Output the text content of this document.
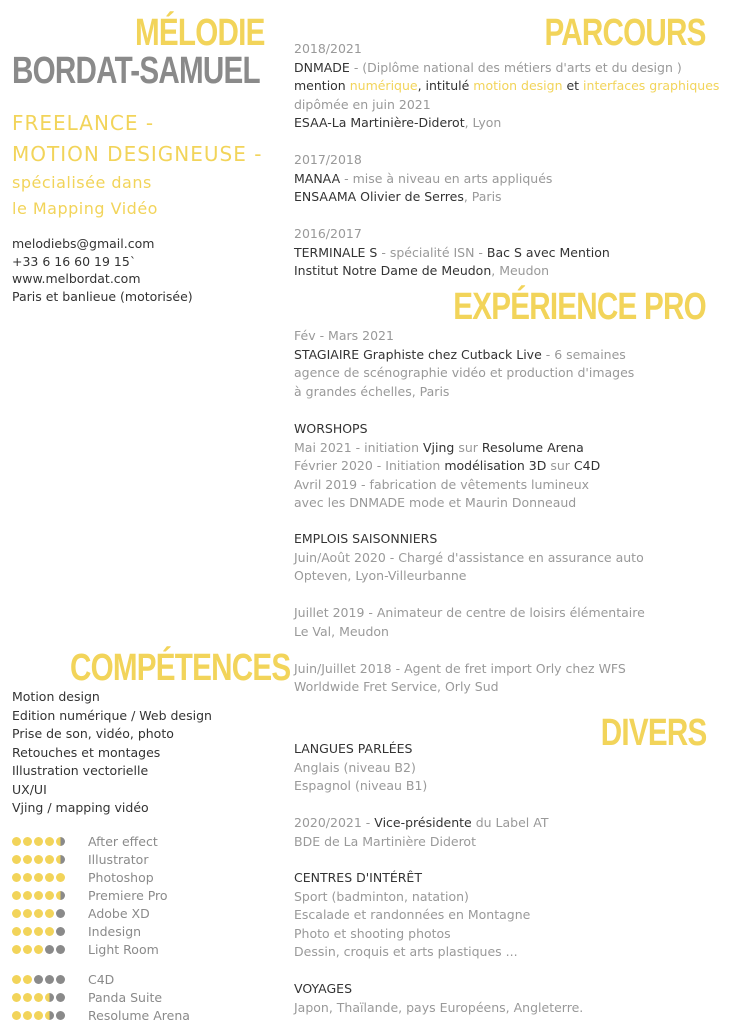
MÉLODIE
BORDAT-SAMUEL
FREELANCE -
MOTION DESIGNEUSE -
spécialisée dans
le Mapping Vidéo
melodiebs@gmail.com
+33 6 16 60 19 15`
www.melbordat.com
Paris et banlieue (motorisée)
PARCOURS
2018/2021
DNMADE - (Diplôme national des métiers d'arts et du design )
mention numérique, intitulé motion design et interfaces graphiques
dipômée en juin 2021
ESAA-La Martinière-Diderot, Lyon
2017/2018
MANAA - mise à niveau en arts appliqués
ENSAAMA Olivier de Serres, Paris
2016/2017
TERMINALE S - spécialité ISN - Bac S avec Mention
Institut Notre Dame de Meudon, Meudon
EXPÉRIENCE PRO
Fév - Mars 2021
STAGIAIRE Graphiste chez Cutback Live - 6 semaines
agence de scénographie vidéo et production d'images
à grandes échelles, Paris
WORSHOPS
Mai 2021 - initiation Vjing sur Resolume Arena
Février 2020 - Initiation modélisation 3D sur C4D
Avril 2019 - fabrication de vêtements lumineux
avec les DNMADE mode et Maurin Donneaud
EMPLOIS SAISONNIERS
Juin/Août 2020 - Chargé d'assistance en assurance auto
Opteven, Lyon-Villeurbanne
Juillet 2019 - Animateur de centre de loisirs élémentaire
Le Val, Meudon
Juin/Juillet 2018 - Agent de fret import Orly chez WFS
Worldwide Fret Service, Orly Sud
DIVERS
LANGUES PARLÉES
Anglais (niveau B2)
Espagnol (niveau B1)
2020/2021 - Vice-présidente du Label AT
BDE de La Martinière Diderot
CENTRES D'INTÉRÊT
Sport (badminton, natation)
Escalade et randonnées en Montagne
Photo et shooting photos
Dessin, croquis et arts plastiques ...
VOYAGES
Japon, Thaïlande, pays Européens, Angleterre.
COMPÉTENCES
Motion design
Edition numérique / Web design
Prise de son, vidéo, photo
Retouches et montages
Illustration vectorielle
UX/UI
Vjing / mapping vidéo
After effect
Illustrator
Photoshop
Premiere Pro
Adobe XD
Indesign
Light Room
C4D
Panda Suite
Resolume Arena
